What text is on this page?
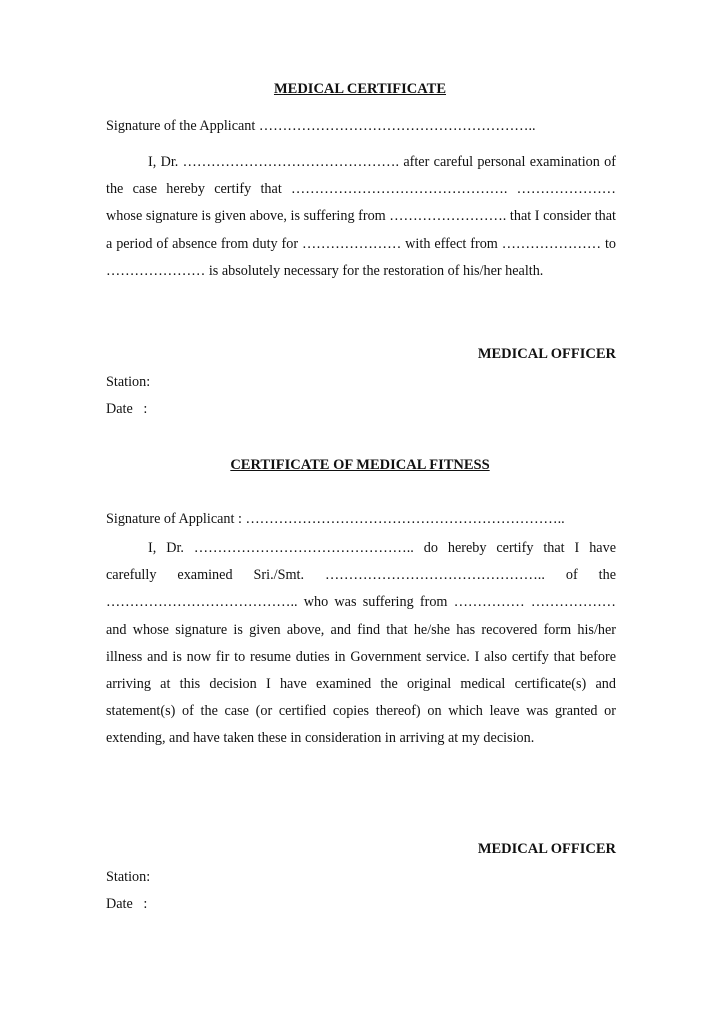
MEDICAL CERTIFICATE
Signature of the Applicant …………………………………………………..
I, Dr. ………………………………………. after careful personal examination of the case hereby certify that ………………………………………. ………………… whose signature is given above, is suffering from ……………………. that I consider that a period of absence from duty for ………………… with effect from ………………… to ………………… is absolutely necessary for the restoration of his/her health.
MEDICAL OFFICER
Station:
Date   :
CERTIFICATE OF MEDICAL FITNESS
Signature of Applicant : …………………………………………………………..
I, Dr. ……………………………………….. do hereby certify that I have carefully examined Sri./Smt. ……………………………………….. of the ………………………………….. who was suffering from …………… ……………… and whose signature is given above, and find that he/she has recovered form his/her illness and is now fir to resume duties in Government service. I also certify that before arriving at this decision I have examined the original medical certificate(s) and statement(s) of the case (or certified copies thereof) on which leave was granted or extending, and have taken these in consideration in arriving at my decision.
MEDICAL OFFICER
Station:
Date   :
